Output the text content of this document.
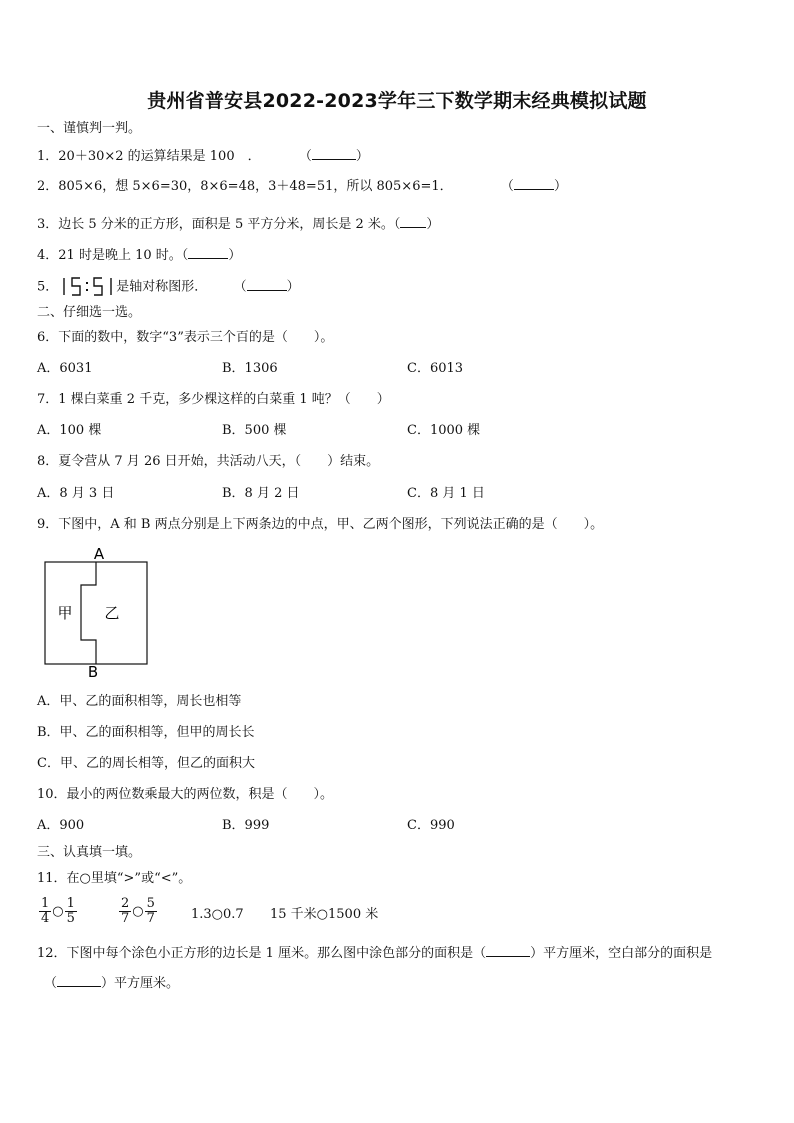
贵州省普安县2022-2023学年三下数学期末经典模拟试题
一、谨慎判一判。
1．20＋30×2 的运算结果是 100　．	（	）
2．805×6，想 5×6=30，8×6=48，3＋48=51，所以 805×6=1．	（	）
3．边长 5 分米的正方形，面积是 5 平方分米，周长是 2 米。（ ）
4．21 时是晚上 10 时。（	）
5．	是轴对称图形． （	）
二、仔细选一选。
6．下面的数中，数字“3”表示三个百的是（　　）。
A．6031	B．1306	C．6013
7．1 棵白菜重 2 千克，多少棵这样的白菜重 1 吨？（　　）
A．100 棵	B．500 棵	C．1000 棵
8．夏令营从 7 月 26 日开始，共活动八天，（　　）结束。
A．8 月 3 日	B．8 月 2 日	C．8 月 1 日
9．下图中，A 和 B 两点分别是上下两条边的中点，甲、乙两个图形，下列说法正确的是（　　）。
A
B
甲 乙
A．甲、乙的面积相等，周长也相等
B．甲、乙的面积相等，但甲的周长长
C．甲、乙的周长相等，但乙的面积大
10．最小的两位数乘最大的两位数，积是（　　）。
A．900	B．999	C．990
三、认真填一填。
11．在○里填“>”或“<”。
$\frac{1}{4}$ ○ $\frac{1}{5}$	$\frac{2}{7}$ ○ $\frac{5}{7}$	1.3○0.7 15 千米○1500 米
12．下图中每个涂色小正方形的边长是 1 厘米。那么图中涂色部分的面积是（	）平方厘米，空白部分的面积是
（	）平方厘米。
